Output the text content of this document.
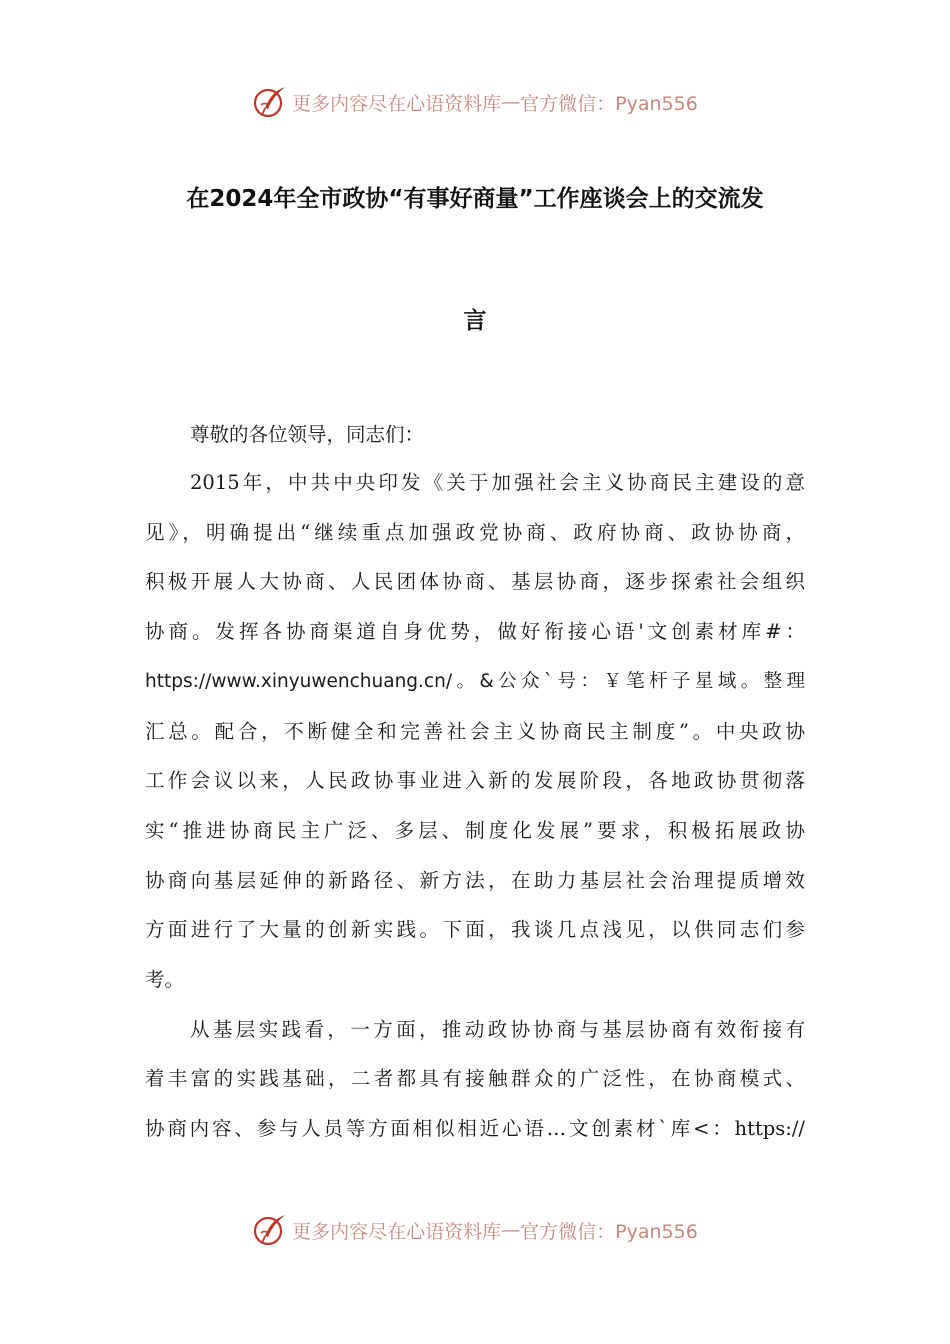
更多内容尽在心语资料库 — 官方微信：Pyan556
在2024年全市政协“有事好商量”工作座谈会上的交流发
言
尊敬的各位领导，同志们：
2015年，中共中央印发《关于加强社会主义协商民主建设的意
见》，明确提出“继续重点加强政党协商、政府协商、政协协商，
积极开展人大协商、人民团体协商、基层协商，逐步探索社会组织
协商。发挥各协商渠道自身优势，做好衔接心语'文创素材库#：
https://www.xinyuwenchuang.cn/。&公众`号：￥笔杆子星域。整理
汇总。配合，不断健全和完善社会主义协商民主制度”。中央政协
工作会议以来，人民政协事业进入新的发展阶段，各地政协贯彻落
实“推进协商民主广泛、多层、制度化发展”要求，积极拓展政协
协商向基层延伸的新路径、新方法，在助力基层社会治理提质增效
方面进行了大量的创新实践。下面，我谈几点浅见，以供同志们参
考。
从基层实践看，一方面，推动政协协商与基层协商有效衔接有
着丰富的实践基础，二者都具有接触群众的广泛性，在协商模式、
协商内容、参与人员等方面相似相近心语…文创素材`库<：https://
更多内容尽在心语资料库 — 官方微信：Pyan556
